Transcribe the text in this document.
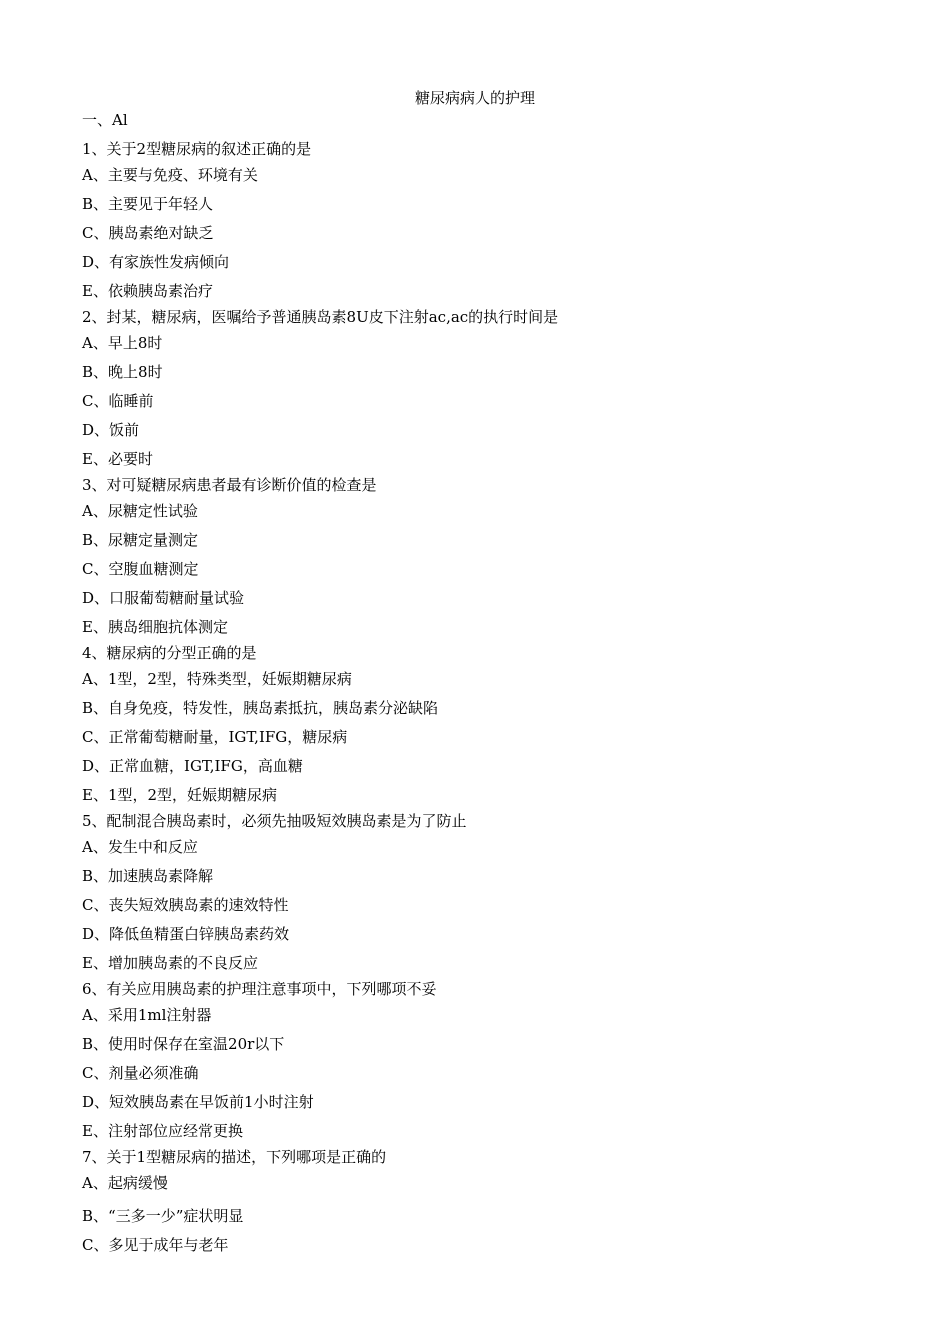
糖尿病病人的护理
一、Al
1、关于2型糖尿病的叙述正确的是
A、主要与免疫、环境有关
B、主要见于年轻人
C、胰岛素绝对缺乏
D、有家族性发病倾向
E、依赖胰岛素治疗
2、封某，糖尿病，医嘱给予普通胰岛素8U皮下注射ac,ac的执行时间是
A、早上8时
B、晚上8时
C、临睡前
D、饭前
E、必要时
3、对可疑糖尿病患者最有诊断价值的检查是
A、尿糖定性试验
B、尿糖定量测定
C、空腹血糖测定
D、口服葡萄糖耐量试验
E、胰岛细胞抗体测定
4、糖尿病的分型正确的是
A、1型，2型，特殊类型，妊娠期糖尿病
B、自身免疫，特发性，胰岛素抵抗，胰岛素分泌缺陷
C、正常葡萄糖耐量，IGT,IFG，糖尿病
D、正常血糖，IGT,IFG，高血糖
E、1型，2型，妊娠期糖尿病
5、配制混合胰岛素时，必须先抽吸短效胰岛素是为了防止
A、发生中和反应
B、加速胰岛素降解
C、丧失短效胰岛素的速效特性
D、降低鱼精蛋白锌胰岛素药效
E、增加胰岛素的不良反应
6、有关应用胰岛素的护理注意事项中，下列哪项不妥
A、采用1ml注射器
B、使用时保存在室温20r以下
C、剂量必须准确
D、短效胰岛素在早饭前1小时注射
E、注射部位应经常更换
7、关于1型糖尿病的描述，下列哪项是正确的
A、起病缓慢
B、“三多一少”症状明显
C、多见于成年与老年
